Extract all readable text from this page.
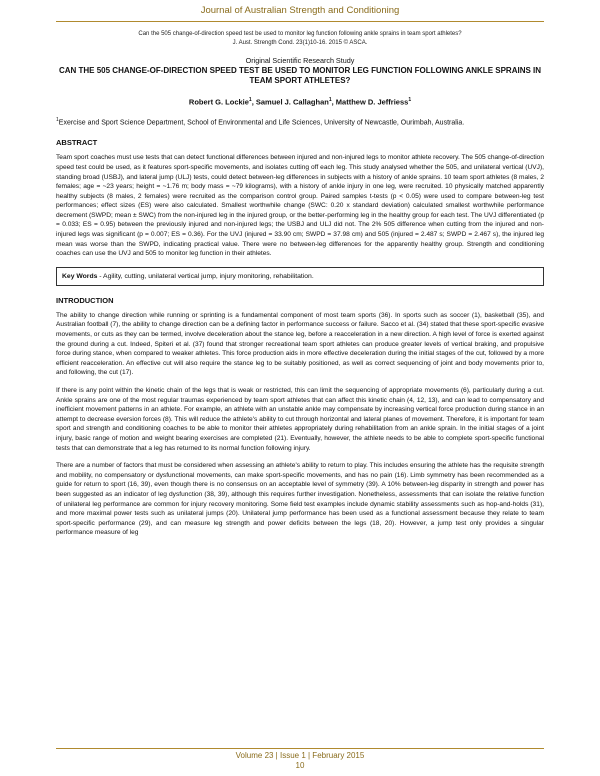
Journal of Australian Strength and Conditioning
Can the 505 change-of-direction speed test be used to monitor leg function following ankle sprains in team sport athletes?
J. Aust. Strength Cond. 23(1)10-16. 2015 © ASCA.
Original Scientific Research Study
CAN THE 505 CHANGE-OF-DIRECTION SPEED TEST BE USED TO MONITOR LEG FUNCTION FOLLOWING ANKLE SPRAINS IN TEAM SPORT ATHLETES?
Robert G. Lockie$^1$, Samuel J. Callaghan$^1$, Matthew D. Jeffriess$^1$
$^1$Exercise and Sport Science Department, School of Environmental and Life Sciences, University of Newcastle, Ourimbah, Australia.
ABSTRACT
Team sport coaches must use tests that can detect functional differences between injured and non-injured legs to monitor athlete recovery. The 505 change-of-direction speed test could be used, as it features sport-specific movements, and isolates cutting off each leg. This study analysed whether the 505, and unilateral vertical (UVJ), standing broad (USBJ), and lateral jump (ULJ) tests, could detect between-leg differences in subjects with a history of ankle sprains. 10 team sport athletes (8 males, 2 females; age = ~23 years; height = ~1.76 m; body mass = ~79 kilograms), with a history of ankle injury in one leg, were recruited. 10 physically matched apparently healthy subjects (8 males, 2 females) were recruited as the comparison control group. Paired samples t-tests (p < 0.05) were used to compare between-leg test performances; effect sizes (ES) were also calculated. Smallest worthwhile change (SWC: 0.20 x standard deviation) calculated smallest worthwhile performance decrement (SWPD; mean ± SWC) from the non-injured leg in the injured group, or the better-performing leg in the healthy group for each test. The UVJ differentiated (p = 0.033; ES = 0.95) between the previously injured and non-injured legs; the USBJ and ULJ did not. The 2% 505 difference when cutting from the injured and non-injured legs was significant (p = 0.007; ES = 0.36). For the UVJ (injured = 33.90 cm; SWPD = 37.98 cm) and 505 (injured = 2.487 s; SWPD = 2.467 s), the injured leg mean was worse than the SWPD, indicating practical value. There were no between-leg differences for the apparently healthy group. Strength and conditioning coaches can use the UVJ and 505 to monitor leg function in their athletes.
Key Words - Agility, cutting, unilateral vertical jump, injury monitoring, rehabilitation.
INTRODUCTION
The ability to change direction while running or sprinting is a fundamental component of most team sports (36). In sports such as soccer (1), basketball (35), and Australian football (7), the ability to change direction can be a defining factor in performance success or failure. Sacco et al. (34) stated that these sport-specific evasive movements, or cuts as they can be termed, involve deceleration about the stance leg, before a reacceleration in a new direction. A high level of force is exerted against the ground during a cut. Indeed, Spiteri et al. (37) found that stronger recreational team sport athletes can produce greater levels of vertical braking, and propulsive force during stance, when compared to weaker athletes. This force production aids in more effective deceleration during the initial stages of the cut, followed by a more efficient reacceleration. An effective cut will also require the stance leg to be suitably positioned, as well as correct sequencing of joint and body movements prior to, and following, the cut (17).
If there is any point within the kinetic chain of the legs that is weak or restricted, this can limit the sequencing of appropriate movements (6), particularly during a cut. Ankle sprains are one of the most regular traumas experienced by team sport athletes that can affect this kinetic chain (4, 12, 13), and can lead to compensatory and inefficient movement patterns in an athlete. For example, an athlete with an unstable ankle may compensate by increasing vertical force production during stance in an attempt to decrease eversion forces (8). This will reduce the athlete's ability to cut through horizontal and lateral planes of movement. Therefore, it is important for team sport and strength and conditioning coaches to be able to monitor their athletes appropriately during rehabilitation from an ankle sprain. In the initial stages of a joint injury, basic range of motion and weight bearing exercises are completed (21). Eventually, however, the athlete needs to be able to complete sport-specific functional tests that can demonstrate that a leg has returned to its normal function following injury.
There are a number of factors that must be considered when assessing an athlete's ability to return to play. This includes ensuring the athlete has the requisite strength and mobility, no compensatory or dysfunctional movements, can make sport-specific movements, and has no pain (16). Limb symmetry has been recommended as a guide for return to sport (16, 39), even though there is no consensus on an acceptable level of symmetry (39). A 10% between-leg disparity in strength and power has been suggested as an indicator of leg dysfunction (38, 39), although this requires further investigation. Nonetheless, assessments that can isolate the relative function of unilateral leg performance are common for injury recovery monitoring. Some field test examples include dynamic stability assessments such as hop-and-holds (31), and more maximal power tests such as unilateral jumps (20). Unilateral jump performance has been used as a functional assessment because they relate to team sport-specific performance (29), and can measure leg strength and power deficits between the legs (18, 20). However, a jump test only provides a singular performance measure of leg
Volume 23 | Issue 1 | February 2015
10
